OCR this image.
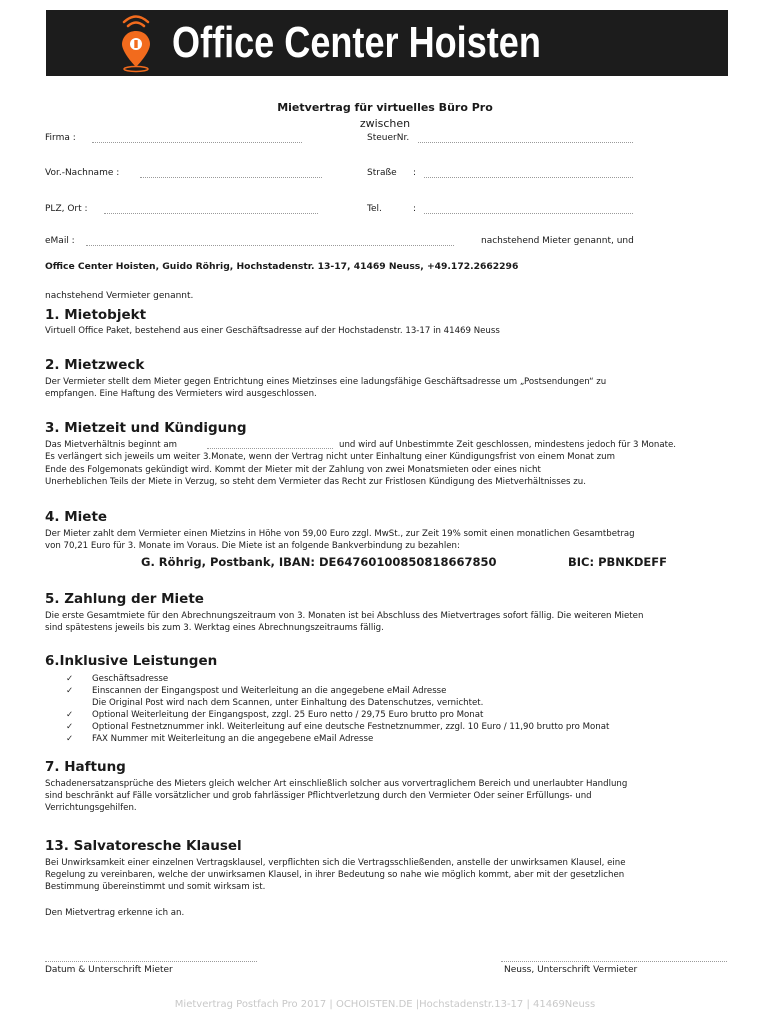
Office Center Hoisten
Mietvertrag für virtuelles Büro Pro
zwischen
Firma :	SteuerNr.
Vor.-Nachname :	Straße :
PLZ, Ort :	Tel.	:
eMail :	nachstehend Mieter genannt, und
Office Center Hoisten, Guido Röhrig, Hochstadenstr. 13-17, 41469 Neuss, +49.172.2662296
nachstehend Vermieter genannt.
1. Mietobjekt
Virtuell Office Paket, bestehend aus einer Geschäftsadresse auf der Hochstadenstr. 13-17 in 41469 Neuss
2. Mietzweck
Der Vermieter stellt dem Mieter gegen Entrichtung eines Mietzinses eine ladungsfähige Geschäftsadresse um „Postsendungen“ zu
empfangen. Eine Haftung des Vermieters wird ausgeschlossen.
3. Mietzeit und Kündigung
Das Mietverhältnis beginnt am	und wird auf Unbestimmte Zeit geschlossen, mindestens jedoch für 3 Monate.
Es verlängert sich jeweils um weiter 3.Monate, wenn der Vertrag nicht unter Einhaltung einer Kündigungsfrist von einem Monat zum
Ende des Folgemonats gekündigt wird. Kommt der Mieter mit der Zahlung von zwei Monatsmieten oder eines nicht
Unerheblichen Teils der Miete in Verzug, so steht dem Vermieter das Recht zur Fristlosen Kündigung des Mietverhältnisses zu.
4. Miete
Der Mieter zahlt dem Vermieter einen Mietzins in Höhe von 59,00 Euro zzgl. MwSt., zur Zeit 19% somit einen monatlichen Gesamtbetrag
von 70,21 Euro für 3. Monate im Voraus. Die Miete ist an folgende Bankverbindung zu bezahlen:
G. Röhrig, Postbank, IBAN: DE64760100850818667850	BIC: PBNKDEFF
5. Zahlung der Miete
Die erste Gesamtmiete für den Abrechnungszeitraum von 3. Monaten ist bei Abschluss des Mietvertrages sofort fällig. Die weiteren Mieten
sind spätestens jeweils bis zum 3. Werktag eines Abrechnungszeitraums fällig.
6.Inklusive Leistungen
✓ Geschäftsadresse
✓ Einscannen der Eingangspost und Weiterleitung an die angegebene eMail Adresse
Die Original Post wird nach dem Scannen, unter Einhaltung des Datenschutzes, vernichtet.
✓ Optional Weiterleitung der Eingangspost, zzgl. 25 Euro netto / 29,75 Euro brutto pro Monat
✓ Optional Festnetznummer inkl. Weiterleitung auf eine deutsche Festnetznummer, zzgl. 10 Euro / 11,90 brutto pro Monat
✓ FAX Nummer mit Weiterleitung an die angegebene eMail Adresse
7. Haftung
Schadenersatzansprüche des Mieters gleich welcher Art einschließlich solcher aus vorvertraglichem Bereich und unerlaubter Handlung
sind beschränkt auf Fälle vorsätzlicher und grob fahrlässiger Pflichtverletzung durch den Vermieter Oder seiner Erfüllungs- und
Verrichtungsgehilfen.
13. Salvatoresche Klausel
Bei Unwirksamkeit einer einzelnen Vertragsklausel, verpflichten sich die Vertragsschließenden, anstelle der unwirksamen Klausel, eine
Regelung zu vereinbaren, welche der unwirksamen Klausel, in ihrer Bedeutung so nahe wie möglich kommt, aber mit der gesetzlichen
Bestimmung übereinstimmt und somit wirksam ist.
Den Mietvertrag erkenne ich an.
Datum & Unterschrift Mieter	Neuss, Unterschrift Vermieter
Mietvertrag Postfach Pro 2017 | OCHOISTEN.DE |Hochstadenstr.13-17 | 41469Neuss
